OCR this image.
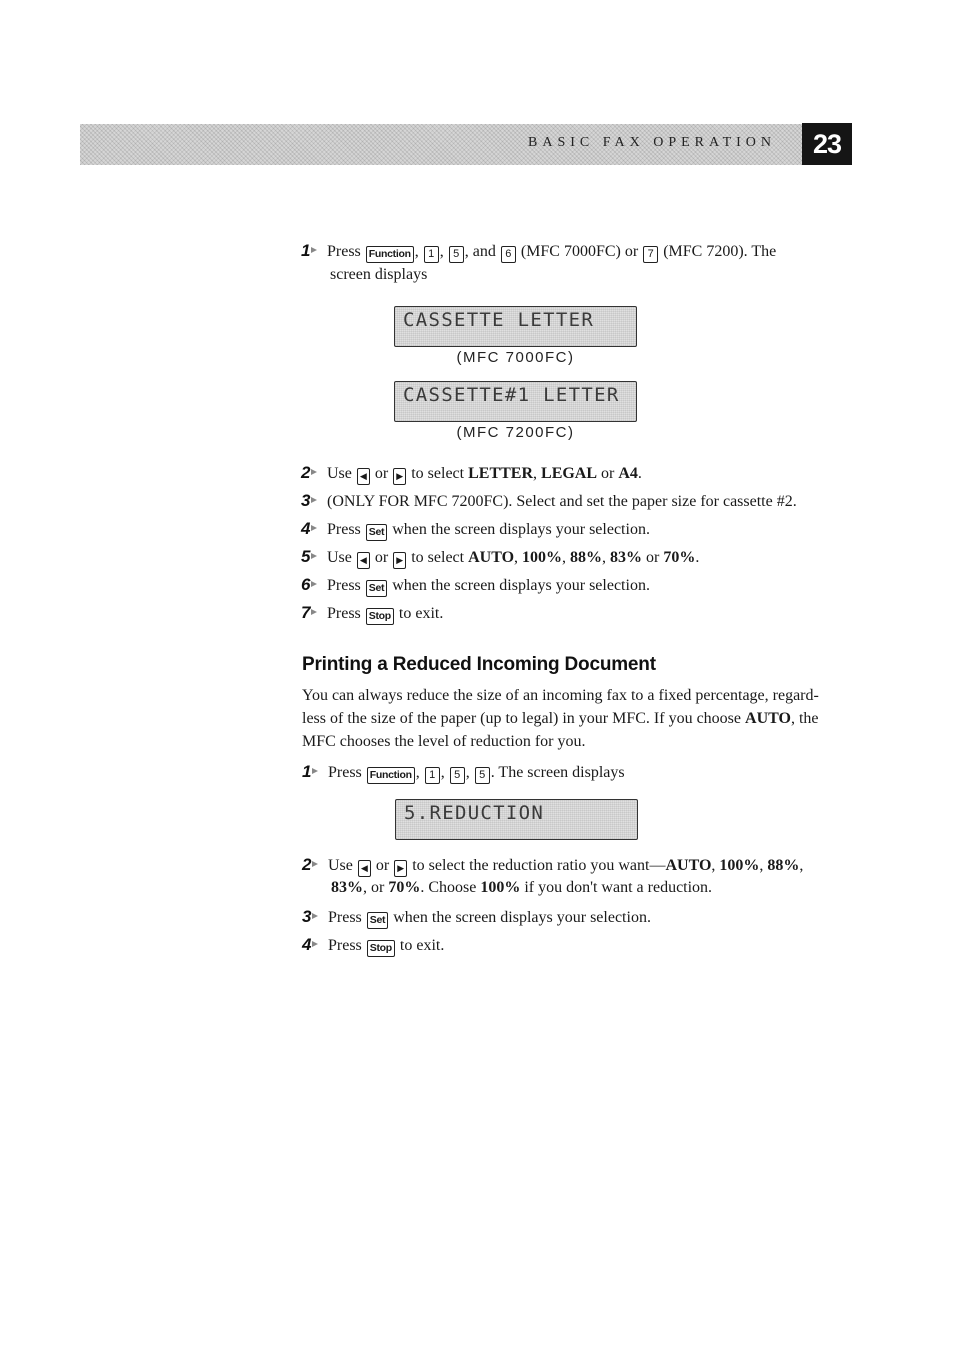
BASIC FAX OPERATION	23
1 Press Function , 1 , 5 , and 6 (MFC 7000FC) or 7 (MFC 7200). The
screen displays
CASSETTE LETTER
(MFC 7000FC)
CASSETTE#1 LETTER
(MFC 7200FC)
2 Use ◀ or ▶ to select LETTER, LEGAL or A4.
3 (ONLY FOR MFC 7200FC). Select and set the paper size for cassette #2.
4 Press Set when the screen displays your selection.
5 Use ◀ or ▶ to select AUTO, 100%, 88%, 83% or 70%.
6 Press Set when the screen displays your selection.
7 Press Stop to exit.
Printing a Reduced Incoming Document
You can always reduce the size of an incoming fax to a fixed percentage, regard-
less of the size of the paper (up to legal) in your MFC. If you choose AUTO, the
MFC chooses the level of reduction for you.
1 Press Function , 1 , 5 , 5 . The screen displays
5.REDUCTION
2 Use ◀ or ▶ to select the reduction ratio you want—AUTO, 100%, 88%,
83%, or 70%. Choose 100% if you don't want a reduction.
3 Press Set when the screen displays your selection.
4 Press Stop to exit.
